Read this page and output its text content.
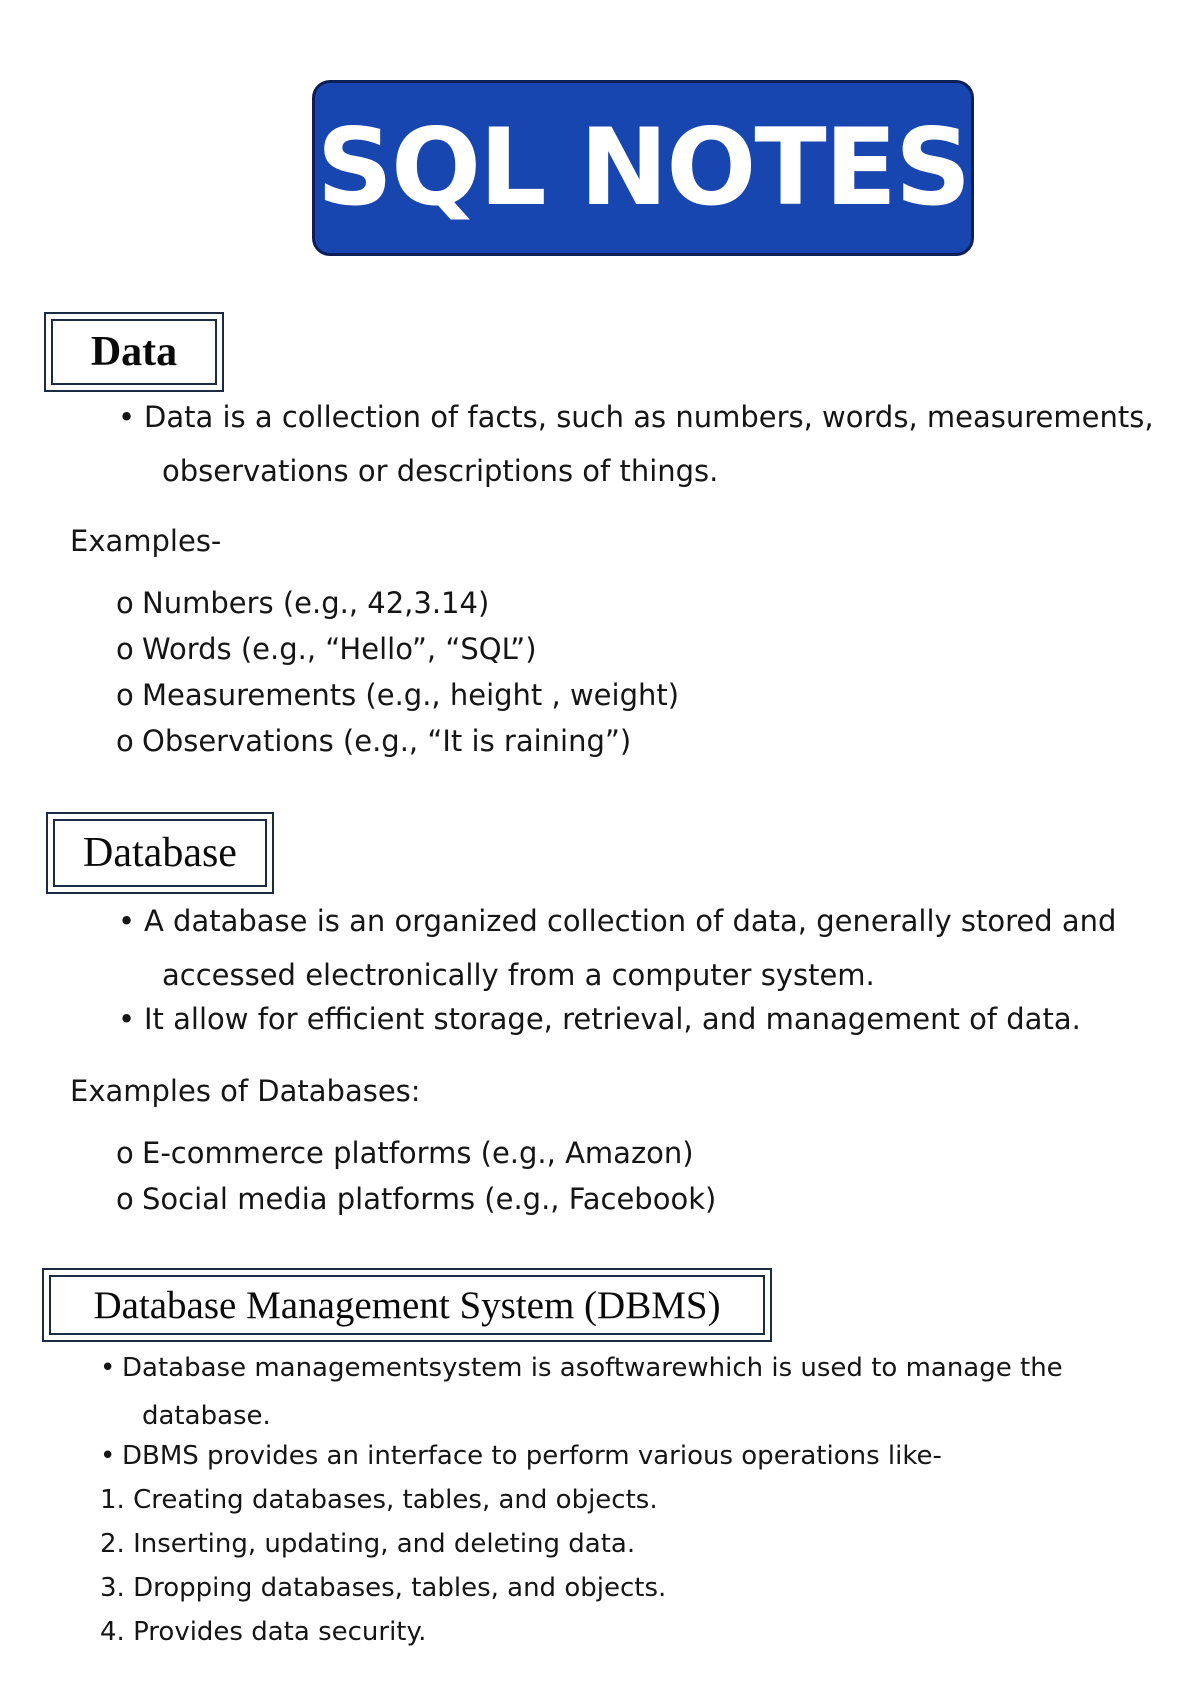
SQL NOTES
Data

• Data is a collection of facts, such as numbers, words, measurements,

observations or descriptions of things.

Examples-

o Numbers (e.g., 42,3.14)

o Words (e.g., “Hello”, “SQL”)

o Measurements (e.g., height , weight)

o Observations (e.g., “It is raining”)

Database

• A database is an organized collection of data, generally stored and

accessed electronically from a computer system.

• It allow for efficient storage, retrieval, and management of data.

Examples of Databases:

o E-commerce platforms (e.g., Amazon)

o Social media platforms (e.g., Facebook)

Database Management System (DBMS)

• Database managementsystem is asoftwarewhich is used to manage the

database.

• DBMS provides an interface to perform various operations like-

1. Creating databases, tables, and objects.

2. Inserting, updating, and deleting data.

3. Dropping databases, tables, and objects.

4. Provides data security.
